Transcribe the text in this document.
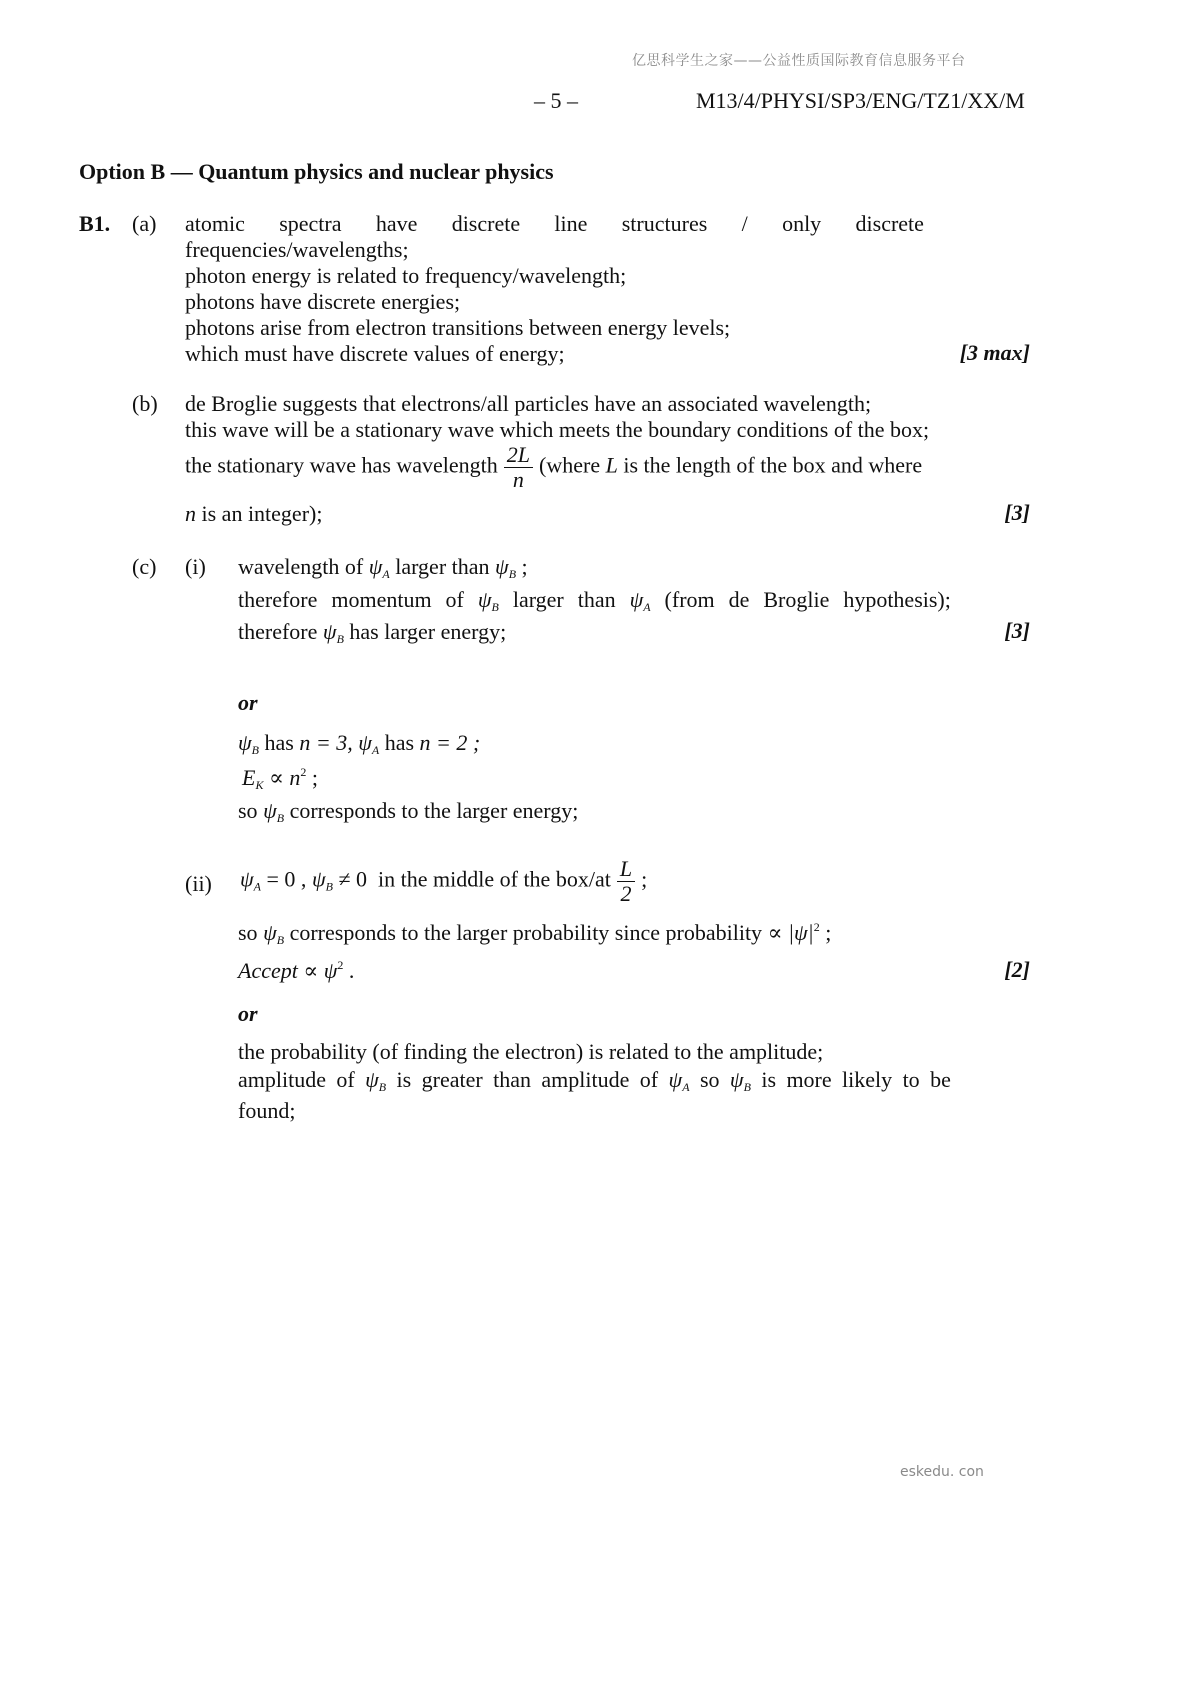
亿思科学生之家——公益性质国际教育信息服务平台
– 5 –	M13/4/PHYSI/SP3/ENG/TZ1/XX/M
Option B — Quantum physics and nuclear physics
B1. (a) atomic spectra have discrete line structures / only discrete
frequencies/wavelengths;
photon energy is related to frequency/wavelength;
photons have discrete energies;
photons arise from electron transitions between energy levels;
which must have discrete values of energy;	[3 max]
(b) de Broglie suggests that electrons/all particles have an associated wavelength;
this wave will be a stationary wave which meets the boundary conditions of the box;
the stationary wave has wavelength $\frac{2L}{n}$ (where L is the length of the box and where
n is an integer);	[3]
(c) (i) wavelength of $\psi_A$ larger than $\psi_B$ ;
therefore momentum of $\psi_B$ larger than $\psi_A$ (from de Broglie hypothesis);
therefore $\psi_B$ has larger energy;	[3]
or
$\psi_B$ has n = 3, $\psi_A$ has n = 2 ;
$E_K \propto n^2$ ;
so $\psi_B$ corresponds to the larger energy;
(ii) $\psi_A = 0$ , $\psi_B \ne 0$ in the middle of the $box/at \frac{L}{2}$ ;
so $\psi_B$ corresponds to the larger probability since probability ∝ $|\psi|^2$ ;
Accept ∝ $\psi^2$ .	[2]
or
the probability (of finding the electron) is related to the amplitude;
amplitude of $\psi_B$ is greater than amplitude of $\psi_A$ so $\psi_B$ is more likely to be
found;
eskedu. con
